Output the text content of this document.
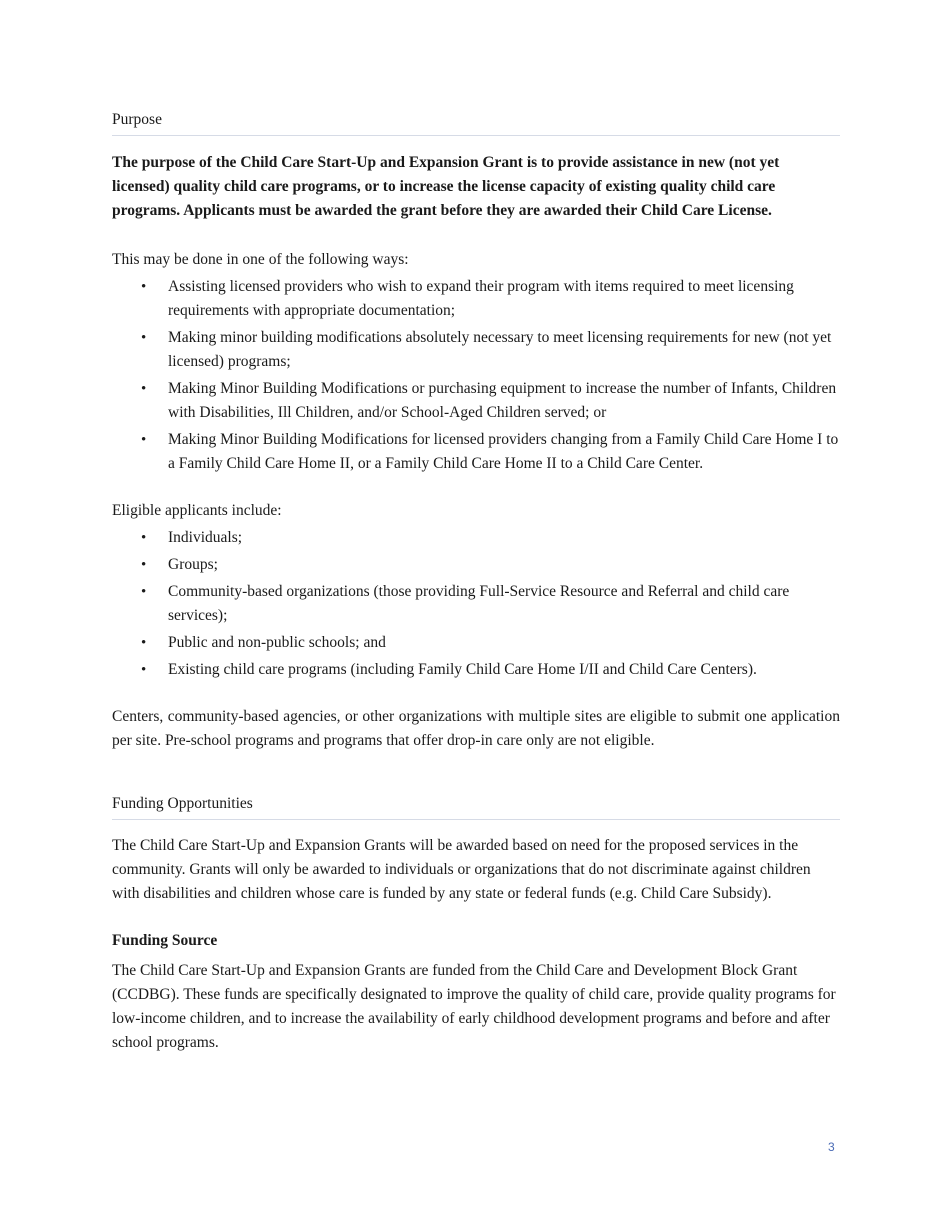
Purpose

The purpose of the Child Care Start-Up and Expansion Grant is to provide assistance in new (not yet licensed) quality child care programs, or to increase the license capacity of existing quality child care programs. Applicants must be awarded the grant before they are awarded their Child Care License.

This may be done in one of the following ways:

• Assisting licensed providers who wish to expand their program with items required to meet licensing requirements with appropriate documentation;
• Making minor building modifications absolutely necessary to meet licensing requirements for new (not yet licensed) programs;
• Making Minor Building Modifications or purchasing equipment to increase the number of Infants, Children with Disabilities, Ill Children, and/or School-Aged Children served; or
• Making Minor Building Modifications for licensed providers changing from a Family Child Care Home I to a Family Child Care Home II, or a Family Child Care Home II to a Child Care Center.

Eligible applicants include:

• Individuals;
• Groups;
• Community-based organizations (those providing Full-Service Resource and Referral and child care services);
• Public and non-public schools; and
• Existing child care programs (including Family Child Care Home I/II and Child Care Centers).

Centers, community-based agencies, or other organizations with multiple sites are eligible to submit one application per site. Pre-school programs and programs that offer drop-in care only are not eligible.

Funding Opportunities

The Child Care Start-Up and Expansion Grants will be awarded based on need for the proposed services in the community. Grants will only be awarded to individuals or organizations that do not discriminate against children with disabilities and children whose care is funded by any state or federal funds (e.g. Child Care Subsidy).

Funding Source

The Child Care Start-Up and Expansion Grants are funded from the Child Care and Development Block Grant (CCDBG). These funds are specifically designated to improve the quality of child care, provide quality programs for low-income children, and to increase the availability of early childhood development programs and before and after school programs.

3
